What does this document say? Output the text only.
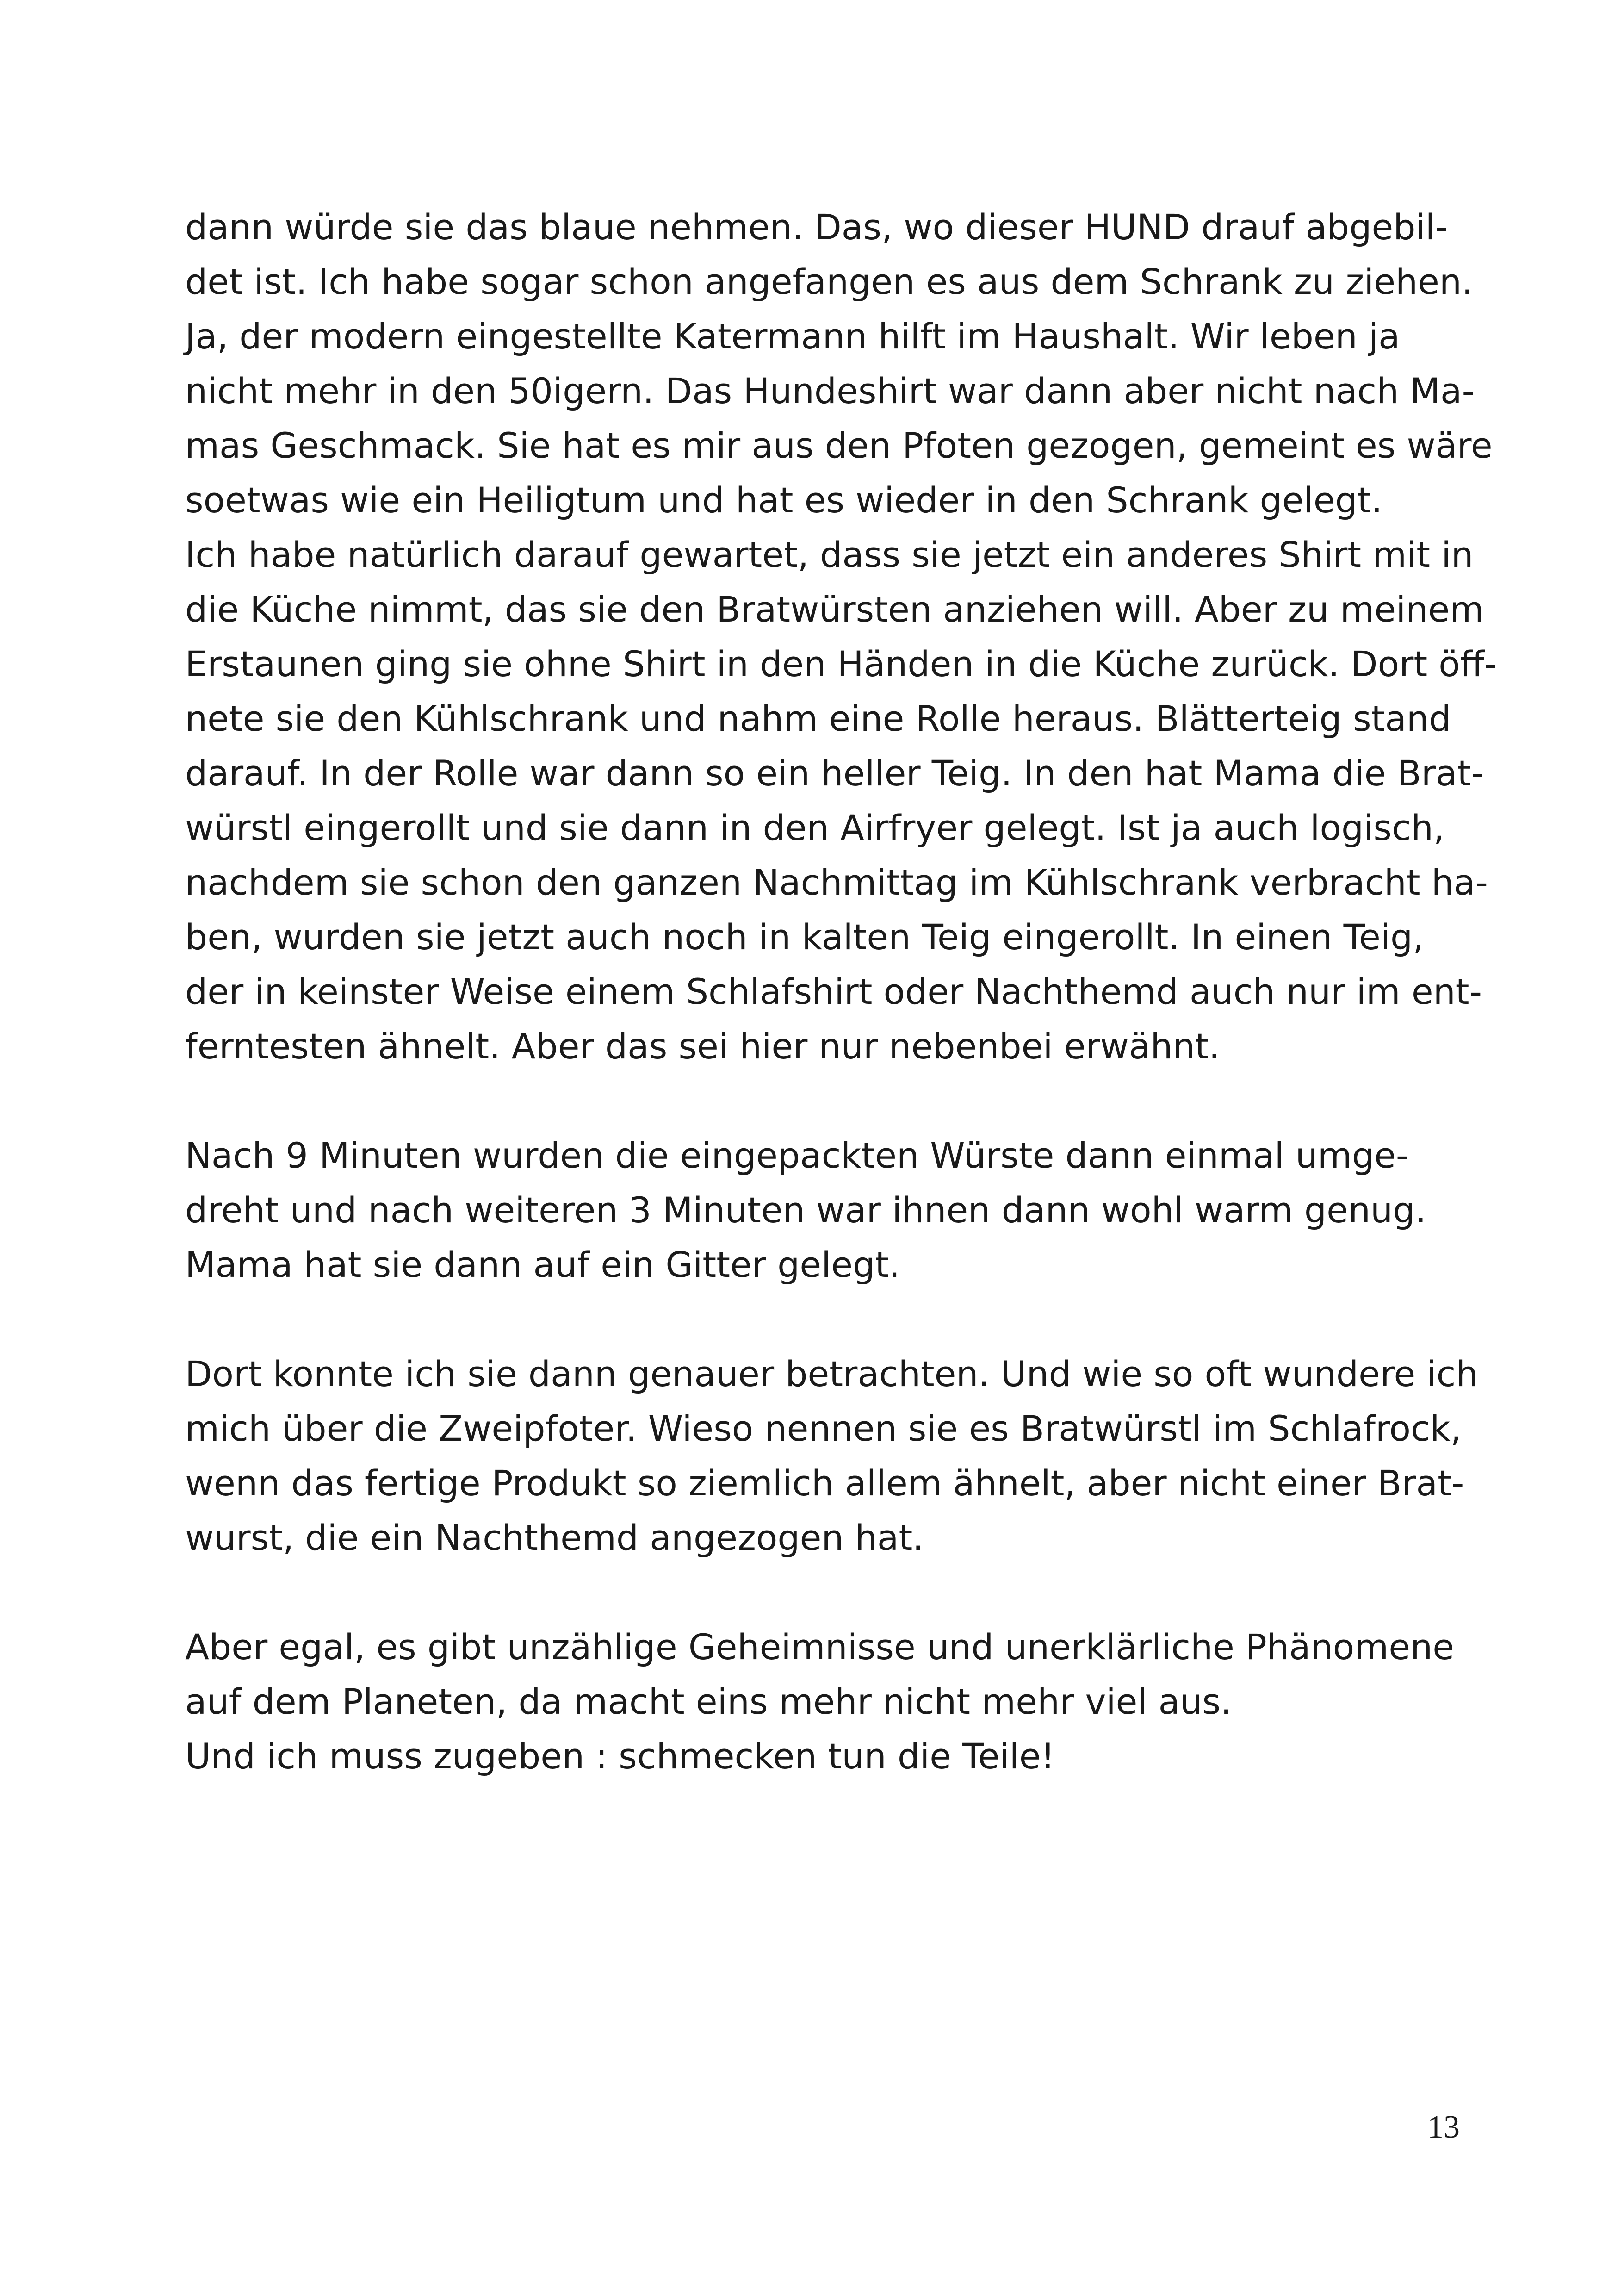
dann würde sie das blaue nehmen. Das, wo dieser HUND drauf abgebil-
det ist. Ich habe sogar schon angefangen es aus dem Schrank zu ziehen.
Ja, der modern eingestellte Katermann hilft im Haushalt. Wir leben ja
nicht mehr in den 50igern. Das Hundeshirt war dann aber nicht nach Ma-
mas Geschmack. Sie hat es mir aus den Pfoten gezogen, gemeint es wäre
soetwas wie ein Heiligtum und hat es wieder in den Schrank gelegt.
Ich habe natürlich darauf gewartet, dass sie jetzt ein anderes Shirt mit in
die Küche nimmt, das sie den Bratwürsten anziehen will. Aber zu meinem
Erstaunen ging sie ohne Shirt in den Händen in die Küche zurück. Dort öff-
nete sie den Kühlschrank und nahm eine Rolle heraus. Blätterteig stand
darauf. In der Rolle war dann so ein heller Teig. In den hat Mama die Brat-
würstl eingerollt und sie dann in den Airfryer gelegt. Ist ja auch logisch,
nachdem sie schon den ganzen Nachmittag im Kühlschrank verbracht ha-
ben, wurden sie jetzt auch noch in kalten Teig eingerollt. In einen Teig,
der in keinster Weise einem Schlafshirt oder Nachthemd auch nur im ent-
ferntesten ähnelt. Aber das sei hier nur nebenbei erwähnt.
Nach 9 Minuten wurden die eingepackten Würste dann einmal umge-
dreht und nach weiteren 3 Minuten war ihnen dann wohl warm genug.
Mama hat sie dann auf ein Gitter gelegt.
Dort konnte ich sie dann genauer betrachten. Und wie so oft wundere ich
mich über die Zweipfoter. Wieso nennen sie es Bratwürstl im Schlafrock,
wenn das fertige Produkt so ziemlich allem ähnelt, aber nicht einer Brat-
wurst, die ein Nachthemd angezogen hat.
Aber egal, es gibt unzählige Geheimnisse und unerklärliche Phänomene
auf dem Planeten, da macht eins mehr nicht mehr viel aus.
Und ich muss zugeben : schmecken tun die Teile!
13
